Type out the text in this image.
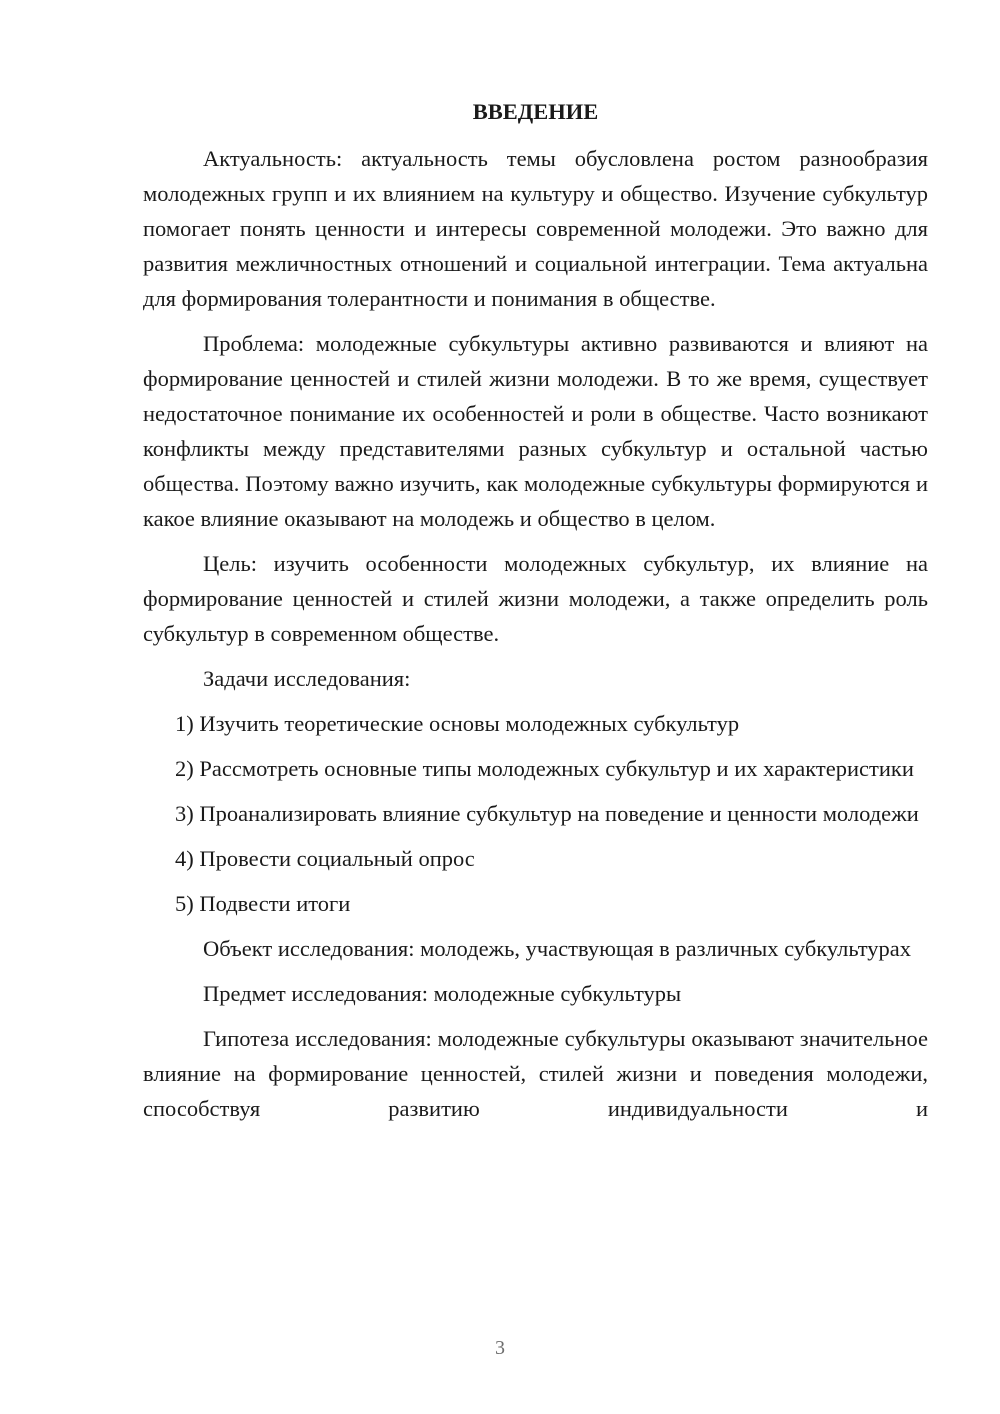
ВВЕДЕНИЕ

Актуальность: актуальность темы обусловлена ростом разнообразия молодежных групп и их влиянием на культуру и общество. Изучение субкультур помогает понять ценности и интересы современной молодежи. Это важно для развития межличностных отношений и социальной интеграции. Тема актуальна для формирования толерантности и понимания в обществе.

Проблема: молодежные субкультуры активно развиваются и влияют на формирование ценностей и стилей жизни молодежи. В то же время, существует недостаточное понимание их особенностей и роли в обществе. Часто возникают конфликты между представителями разных субкультур и остальной частью общества. Поэтому важно изучить, как молодежные субкультуры формируются и какое влияние оказывают на молодежь и общество в целом.

Цель: изучить особенности молодежных субкультур, их влияние на формирование ценностей и стилей жизни молодежи, а также определить роль субкультур в современном обществе.

Задачи исследования:

1) Изучить теоретические основы молодежных субкультур

2) Рассмотреть основные типы молодежных субкультур и их характеристики

3) Проанализировать влияние субкультур на поведение и ценности молодежи

4) Провести социальный опрос

5) Подвести итоги

Объект исследования: молодежь, участвующая в различных субкультурах

Предмет исследования: молодежные субкультуры

Гипотеза исследования: молодежные субкультуры оказывают значительное влияние на формирование ценностей, стилей жизни и поведения молодежи, способствуя развитию индивидуальности и

3
